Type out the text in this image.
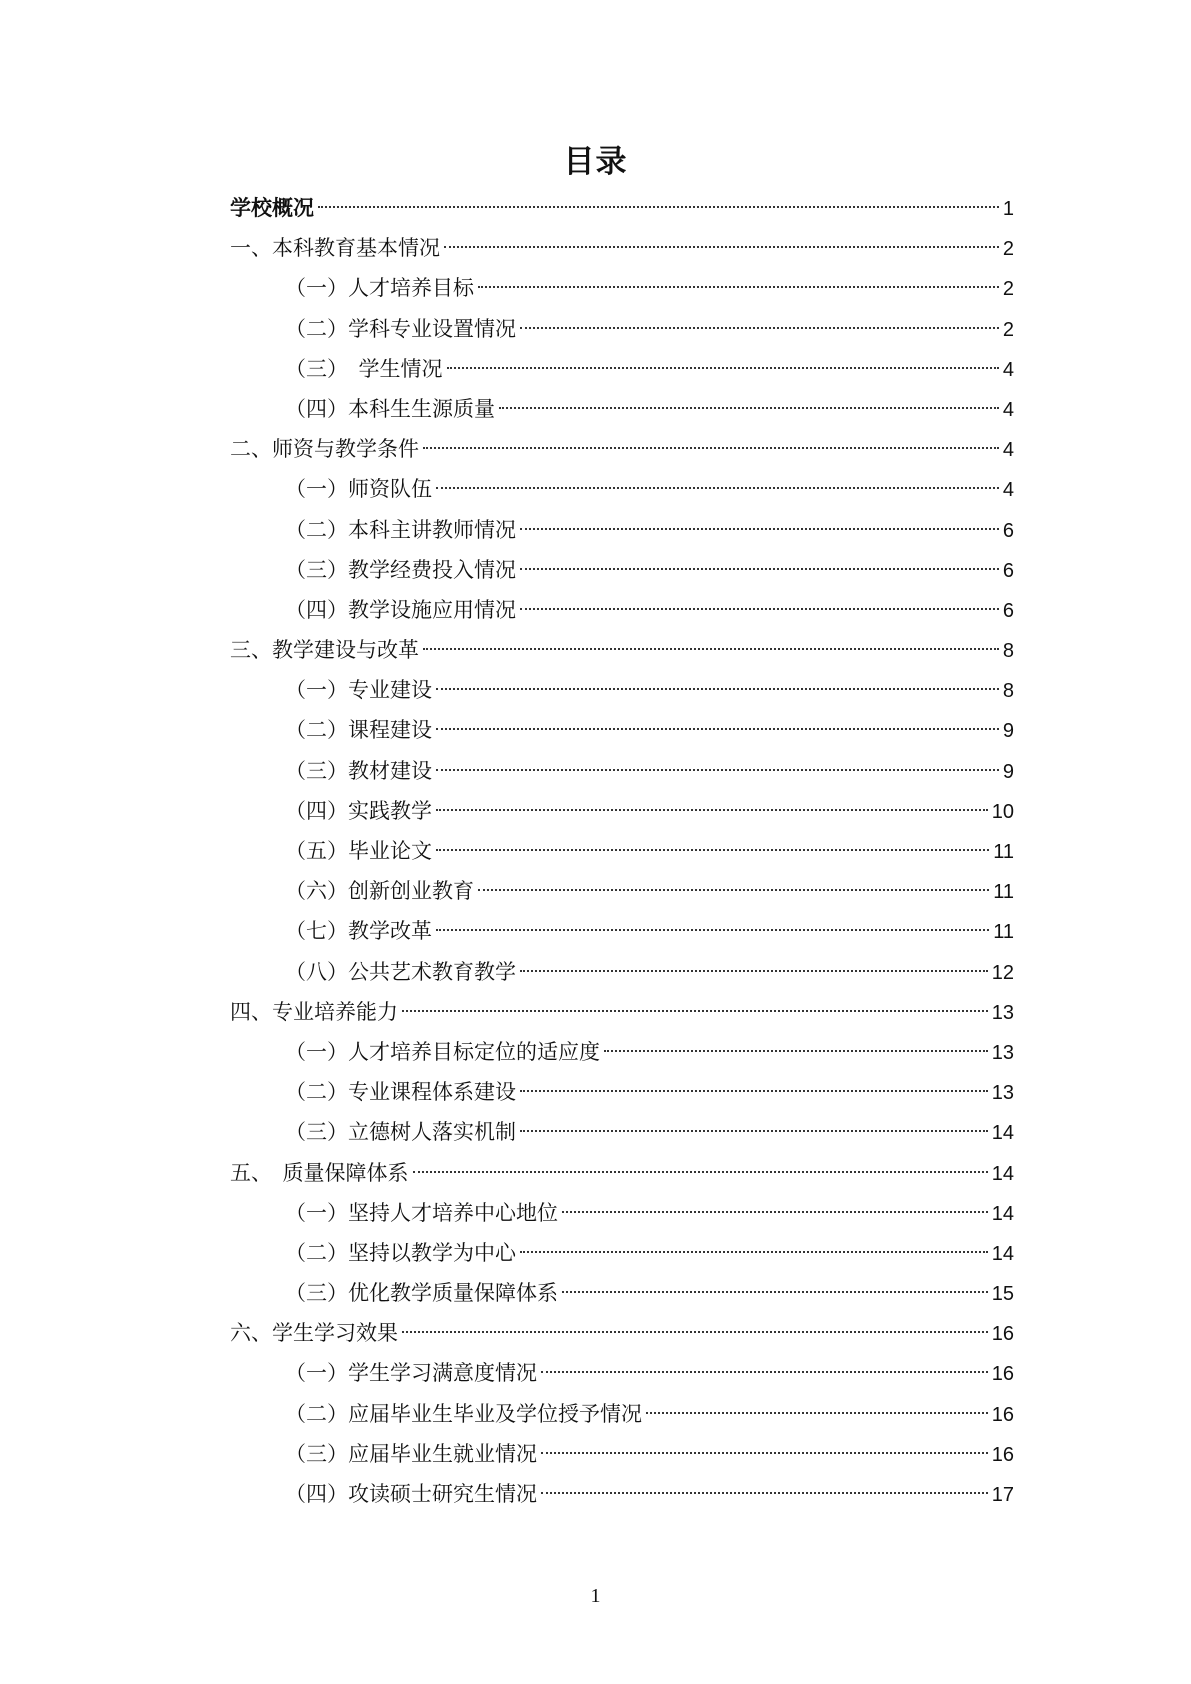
目录
学校概况	1
一、本科教育基本情况	2
（一）人才培养目标	2
（二）学科专业设置情况	2
（三）　学生情况	4
（四）本科生生源质量	4
二、师资与教学条件	4
（一）师资队伍	4
（二）本科主讲教师情况	6
（三）教学经费投入情况	6
（四）教学设施应用情况	6
三、教学建设与改革	8
（一）专业建设	8
（二）课程建设	9
（三）教材建设	9
（四）实践教学	10
（五）毕业论文	11
（六）创新创业教育	11
（七）教学改革	11
（八）公共艺术教育教学	12
四、专业培养能力	13
（一）人才培养目标定位的适应度	13
（二）专业课程体系建设	13
（三）立德树人落实机制	14
五、　质量保障体系	14
（一）坚持人才培养中心地位	14
（二）坚持以教学为中心	14
（三）优化教学质量保障体系	15
六、学生学习效果	16
（一）学生学习满意度情况	16
（二）应届毕业生毕业及学位授予情况	16
（三）应届毕业生就业情况	16
（四）攻读硕士研究生情况	17

1
